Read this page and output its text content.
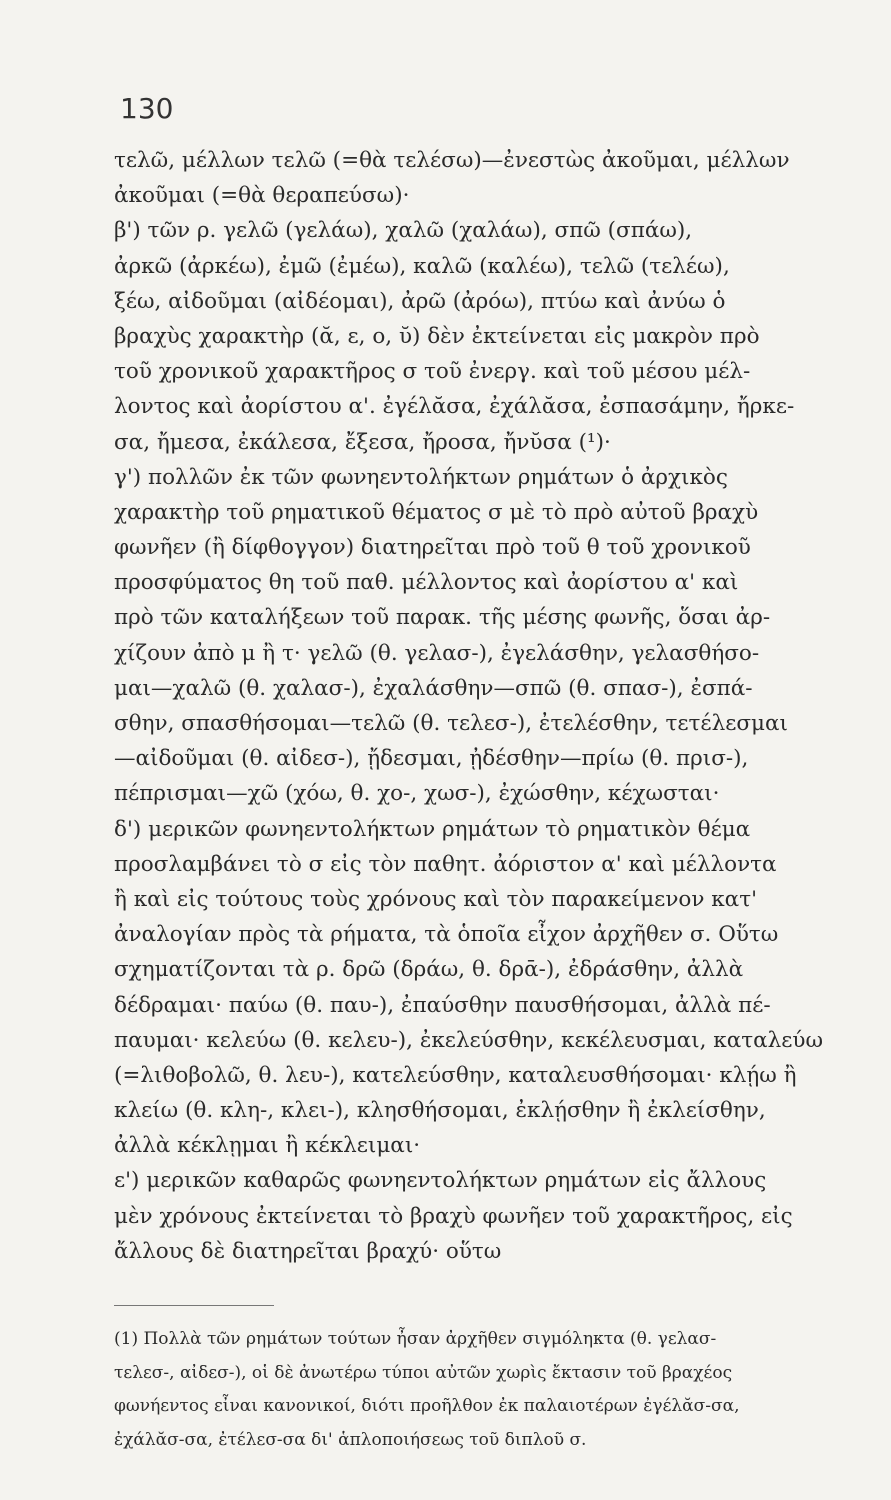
130
τελῶ, μέλλων τελῶ (=θὰ τελέσω)—ἐνεστὼς ἀκοῦμαι, μέλλων
ἀκοῦμαι (=θὰ θεραπεύσω)·
β') τῶν ρ. γελῶ (γελάω), χαλῶ (χαλάω), σπῶ (σπάω),
ἀρκῶ (ἀρκέω), ἐμῶ (ἐμέω), καλῶ (καλέω), τελῶ (τελέω),
ξέω, αἰδοῦμαι (αἰδέομαι), ἀρῶ (ἀρόω), πτύω καὶ ἀνύω ὁ
βραχὺς χαρακτὴρ (ᾰ, ε, ο, ῠ) δὲν ἐκτείνεται εἰς μακρὸν πρὸ
τοῦ χρονικοῦ χαρακτῆρος σ τοῦ ἐνεργ. καὶ τοῦ μέσου μέλ-
λοντος καὶ ἀορίστου α'. ἐγέλᾰσα, ἐχάλᾰσα, ἐσπασάμην, ἤρκε-
σα, ἤμεσα, ἐκάλεσα, ἔξεσα, ἤροσα, ἤνῠσα (¹)·
γ') πολλῶν ἐκ τῶν φωνηεντολήκτων ρημάτων ὁ ἀρχικὸς
χαρακτὴρ τοῦ ρηματικοῦ θέματος σ μὲ τὸ πρὸ αὐτοῦ βραχὺ
φωνῆεν (ἢ δίφθογγον) διατηρεῖται πρὸ τοῦ θ τοῦ χρονικοῦ
προσφύματος θη τοῦ παθ. μέλλοντος καὶ ἀορίστου α' καὶ
πρὸ τῶν καταλήξεων τοῦ παρακ. τῆς μέσης φωνῆς, ὅσαι ἀρ-
χίζουν ἀπὸ μ ἢ τ· γελῶ (θ. γελασ-), ἐγελάσθην, γελασθήσο-
μαι—χαλῶ (θ. χαλασ-), ἐχαλάσθην—σπῶ (θ. σπασ-), ἐσπά-
σθην, σπασθήσομαι—τελῶ (θ. τελεσ-), ἐτελέσθην, τετέλεσμαι
—αἰδοῦμαι (θ. αἰδεσ-), ᾔδεσμαι, ᾐδέσθην—πρίω (θ. πρισ-),
πέπρισμαι—χῶ (χόω, θ. χο-, χωσ-), ἐχώσθην, κέχωσται·
δ') μερικῶν φωνηεντολήκτων ρημάτων τὸ ρηματικὸν θέμα
προσλαμβάνει τὸ σ εἰς τὸν παθητ. ἀόριστον α' καὶ μέλλοντα
ἢ καὶ εἰς τούτους τοὺς χρόνους καὶ τὸν παρακείμενον κατ'
ἀναλογίαν πρὸς τὰ ρήματα, τὰ ὁποῖα εἶχον ἀρχῆθεν σ. Οὕτω
σχηματίζονται τὰ ρ. δρῶ (δράω, θ. δρᾱ-), ἐδράσθην, ἀλλὰ
δέδραμαι· παύω (θ. παυ-), ἐπαύσθην παυσθήσομαι, ἀλλὰ πέ-
παυμαι· κελεύω (θ. κελευ-), ἐκελεύσθην, κεκέλευσμαι, καταλεύω
(=λιθοβολῶ, θ. λευ-), κατελεύσθην, καταλευσθήσομαι· κλῄω ἢ
κλείω (θ. κλη-, κλει-), κλησθήσομαι, ἐκλῄσθην ἢ ἐκλείσθην,
ἀλλὰ κέκλῃμαι ἢ κέκλειμαι·
ε') μερικῶν καθαρῶς φωνηεντολήκτων ρημάτων εἰς ἄλλους
μὲν χρόνους ἐκτείνεται τὸ βραχὺ φωνῆεν τοῦ χαρακτῆρος, εἰς
ἄλλους δὲ διατηρεῖται βραχύ· οὕτω
(1) Πολλὰ τῶν ρημάτων τούτων ἦσαν ἀρχῆθεν σιγμόληκτα (θ. γελασ-
τελεσ-, αἰδεσ-), οἱ δὲ ἀνωτέρω τύποι αὐτῶν χωρὶς ἔκτασιν τοῦ βραχέος
φωνήεντος εἶναι κανονικοί, διότι προῆλθον ἐκ παλαιοτέρων ἐγέλᾰσ-σα,
ἐχάλᾰσ-σα, ἐτέλεσ-σα δι' ἁπλοποιήσεως τοῦ διπλοῦ σ.
